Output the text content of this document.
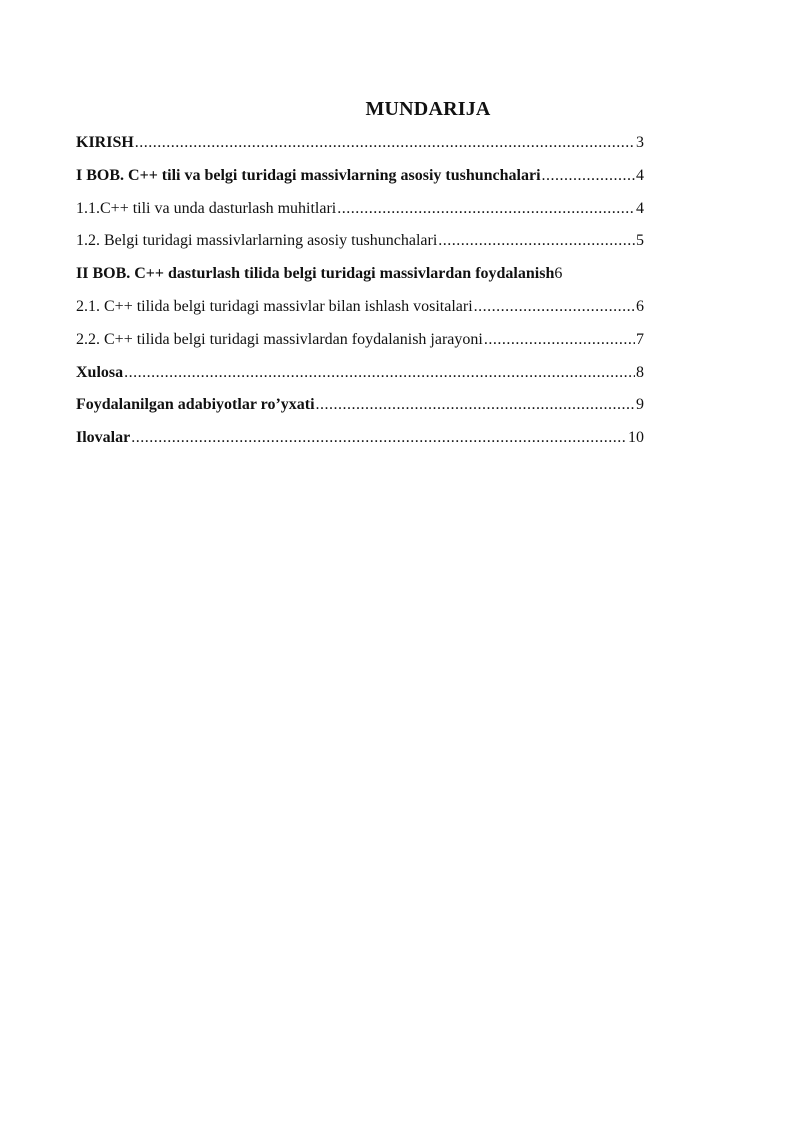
MUNDARIJA
KIRISH .....	3
I BOB. C++ tili va belgi turidagi massivlarning asosiy tushunchalari .....	4
1.1.C++ tili va unda dasturlash muhitlari .....	4
1.2. Belgi turidagi massivlarlarning asosiy tushunchalari .....	5
II BOB. C++ dasturlash tilida belgi turidagi massivlardan foydalanish 6
2.1. C++ tilida belgi turidagi massivlar bilan ishlash vositalari .....	6
2.2. C++ tilida belgi turidagi massivlardan foydalanish jarayoni .....	7
Xulosa .....	8
Foydalanilgan adabiyotlar ro’yxati .....	9
Ilovalar .....	10
